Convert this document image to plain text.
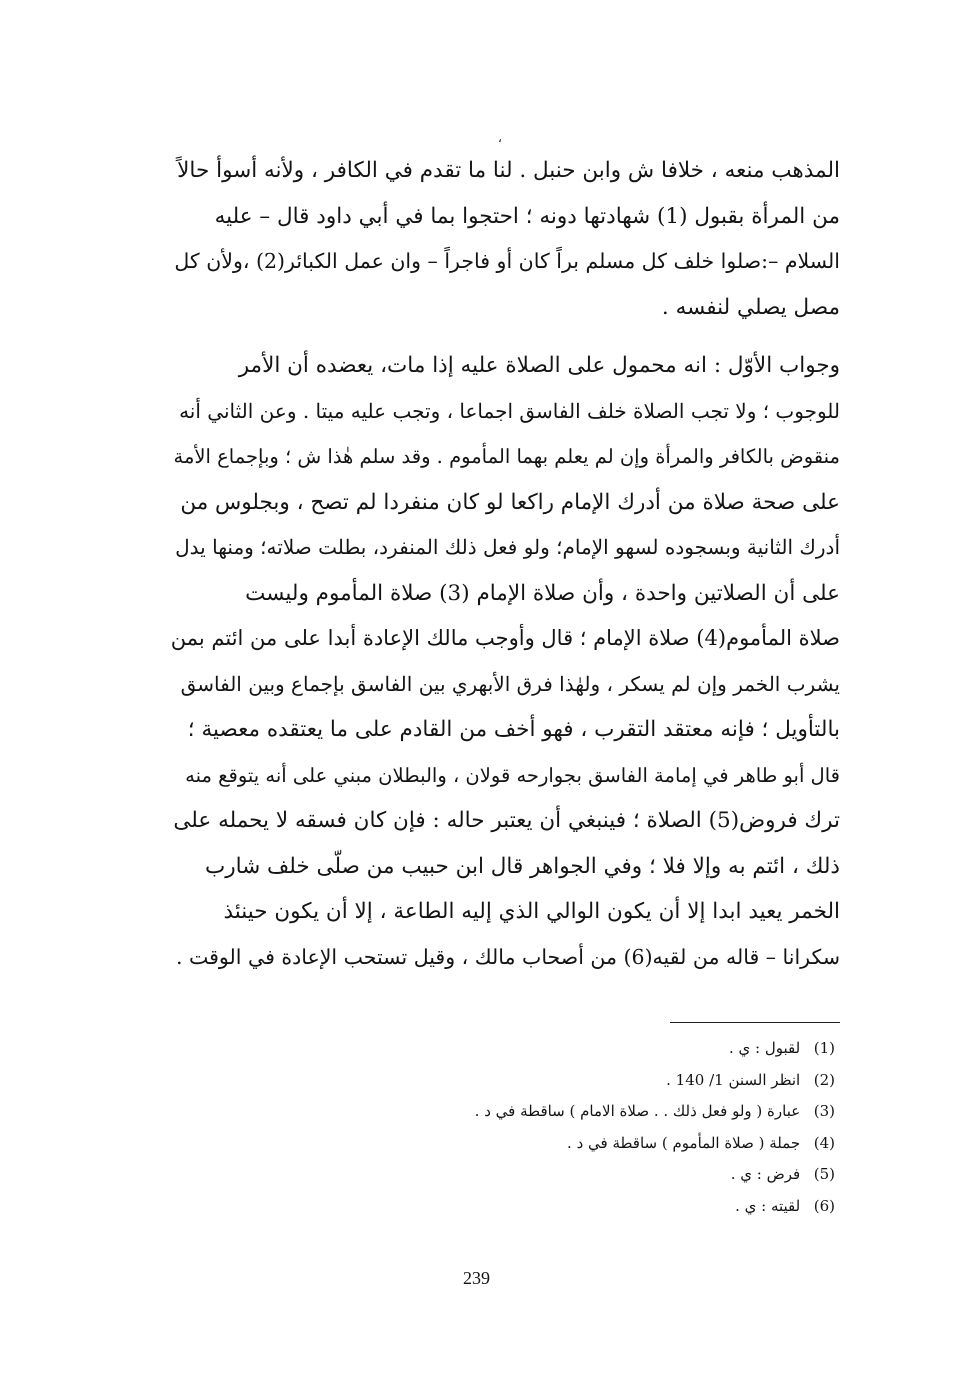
،
المذهب منعه ، خلافا ش وابن حنبل . لنا ما تقدم في الكافر ، ولأنه أسوأ حالاً
من المرأة بقبول (1) شهادتها دونه ؛ احتجوا بما في أبي داود قال – عليه
السلام –:صلوا خلف كل مسلم براً كان أو فاجراً – وان عمل الكبائر(2) ،ولأن كل
مصل يصلي لنفسه .
وجواب الأوّل : انه محمول على الصلاة عليه إذا مات، يعضده أن الأمر
للوجوب ؛ ولا تجب الصلاة خلف الفاسق اجماعا ، وتجب عليه ميتا . وعن الثاني أنه
منقوض بالكافر والمرأة وإن لم يعلم بهما المأموم . وقد سلم هٰذا ش ؛ وبإجماع الأمة
على صحة صلاة من أدرك الإمام راكعا لو كان منفردا لم تصح ، وبجلوس من
أدرك الثانية وبسجوده لسهو الإمام؛ ولو فعل ذلك المنفرد، بطلت صلاته؛ ومنها يدل
على أن الصلاتين واحدة ، وأن صلاة الإمام (3) صلاة المأموم وليست
صلاة المأموم(4) صلاة الإمام ؛ قال وأوجب مالك الإعادة أبدا على من ائتم بمن
يشرب الخمر وإن لم يسكر ، ولهٰذا فرق الأبهري بين الفاسق بإجماع وبين الفاسق
بالتأويل ؛ فإنه معتقد التقرب ، فهو أخف من القادم على ما يعتقده معصية ؛
قال أبو طاهر في إمامة الفاسق بجوارحه قولان ، والبطلان مبني على أنه يتوقع منه
ترك فروض(5) الصلاة ؛ فينبغي أن يعتبر حاله : فإن كان فسقه لا يحمله على
ذلك ، ائتم به وإلا فلا ؛ وفي الجواهر قال ابن حبيب من صلّى خلف شارب
الخمر يعيد ابدا إلا أن يكون الوالي الذي إليه الطاعة ، إلا أن يكون حينئذ
سكرانا – قاله من لقيه(6) من أصحاب مالك ، وقيل تستحب الإعادة في الوقت .
(1) لقبول : ي .
(2) انظر السنن 1/ 140 .
(3) عبارة ( ولو فعل ذلك . . صلاة الامام ) ساقطة في د .
(4) جملة ( صلاة المأموم ) ساقطة في د .
(5) فرض : ي .
(6) لقيته : ي .
239
